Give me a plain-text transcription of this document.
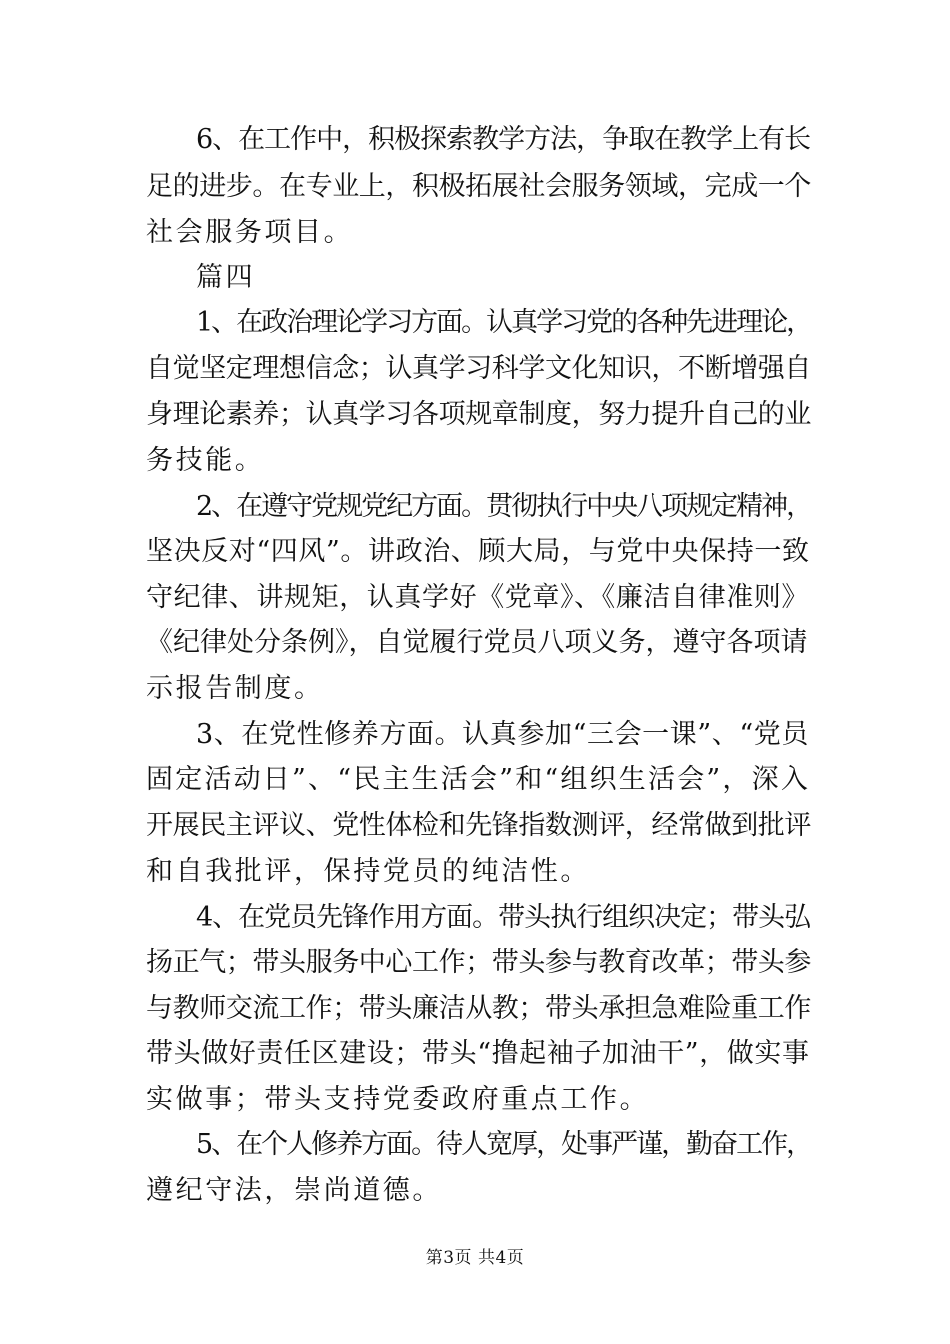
6、在工作中，积极探索教学方法，争取在教学上有长
足的进步。在专业上，积极拓展社会服务领域，完成一个
社会服务项目。
篇四
1、在政治理论学习方面。认真学习党的各种先进理论，
自觉坚定理想信念；认真学习科学文化知识，不断增强自
身理论素养；认真学习各项规章制度，努力提升自己的业
务技能。
2、在遵守党规党纪方面。贯彻执行中央八项规定精神，
坚决反对“四风”。讲政治、顾大局，与党中央保持一致
守纪律、讲规矩，认真学好《党章》、《廉洁自律准则》
《纪律处分条例》，自觉履行党员八项义务，遵守各项请
示报告制度。
3、在党性修养方面。认真参加“三会一课”、“党员
固定活动日”、“民主生活会”和“组织生活会”，深入
开展民主评议、党性体检和先锋指数测评，经常做到批评
和自我批评，保持党员的纯洁性。
4、在党员先锋作用方面。带头执行组织决定；带头弘
扬正气；带头服务中心工作；带头参与教育改革；带头参
与教师交流工作；带头廉洁从教；带头承担急难险重工作
带头做好责任区建设；带头“撸起袖子加油干”，做实事
实做事；带头支持党委政府重点工作。
5、在个人修养方面。待人宽厚，处事严谨，勤奋工作，
遵纪守法，崇尚道德。
第3页 共4页
